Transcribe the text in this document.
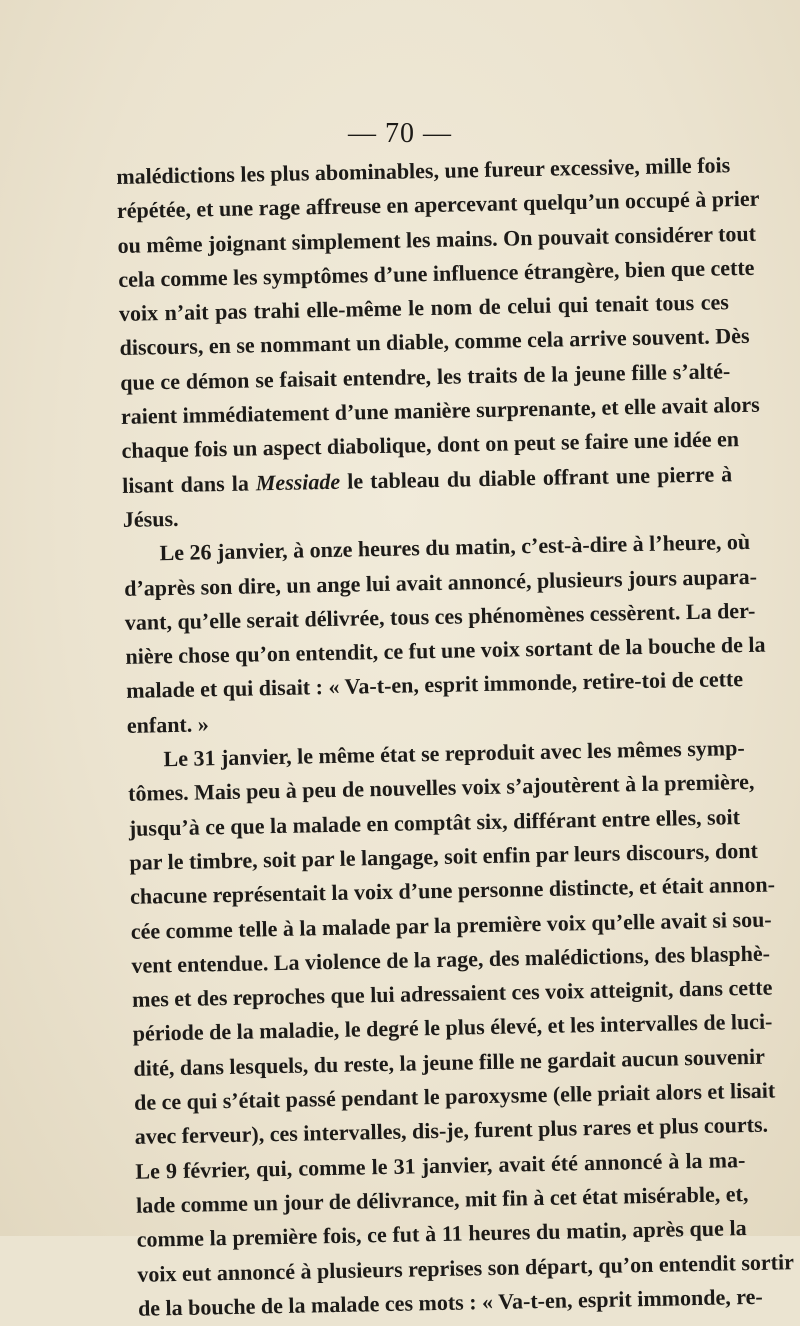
— 70 —
malédictions les plus abominables, une fureur excessive, mille fois
répétée, et une rage affreuse en apercevant quelqu’un occupé à prier
ou même joignant simplement les mains. On pouvait considérer tout
cela comme les symptômes d’une influence étrangère, bien que cette
voix n’ait pas trahi elle-même le nom de celui qui tenait tous ces
discours, en se nommant un diable, comme cela arrive souvent. Dès
que ce démon se faisait entendre, les traits de la jeune fille s’alté-
raient immédiatement d’une manière surprenante, et elle avait alors
chaque fois un aspect diabolique, dont on peut se faire une idée en
lisant dans la Messiade le tableau du diable offrant une pierre à
Jésus.
Le 26 janvier, à onze heures du matin, c’est-à-dire à l’heure, où
d’après son dire, un ange lui avait annoncé, plusieurs jours aupara-
vant, qu’elle serait délivrée, tous ces phénomènes cessèrent. La der-
nière chose qu’on entendit, ce fut une voix sortant de la bouche de la
malade et qui disait : « Va-t-en, esprit immonde, retire-toi de cette
enfant. »
Le 31 janvier, le même état se reproduit avec les mêmes symp-
tômes. Mais peu à peu de nouvelles voix s’ajoutèrent à la première,
jusqu’à ce que la malade en comptât six, différant entre elles, soit
par le timbre, soit par le langage, soit enfin par leurs discours, dont
chacune représentait la voix d’une personne distincte, et était annon-
cée comme telle à la malade par la première voix qu’elle avait si sou-
vent entendue. La violence de la rage, des malédictions, des blasphè-
mes et des reproches que lui adressaient ces voix atteignit, dans cette
période de la maladie, le degré le plus élevé, et les intervalles de luci-
dité, dans lesquels, du reste, la jeune fille ne gardait aucun souvenir
de ce qui s’était passé pendant le paroxysme (elle priait alors et lisait
avec ferveur), ces intervalles, dis-je, furent plus rares et plus courts.
Le 9 février, qui, comme le 31 janvier, avait été annoncé à la ma-
lade comme un jour de délivrance, mit fin à cet état misérable, et,
comme la première fois, ce fut à 11 heures du matin, après que la
voix eut annoncé à plusieurs reprises son départ, qu’on entendit sortir
de la bouche de la malade ces mots : « Va-t-en, esprit immonde, re-
